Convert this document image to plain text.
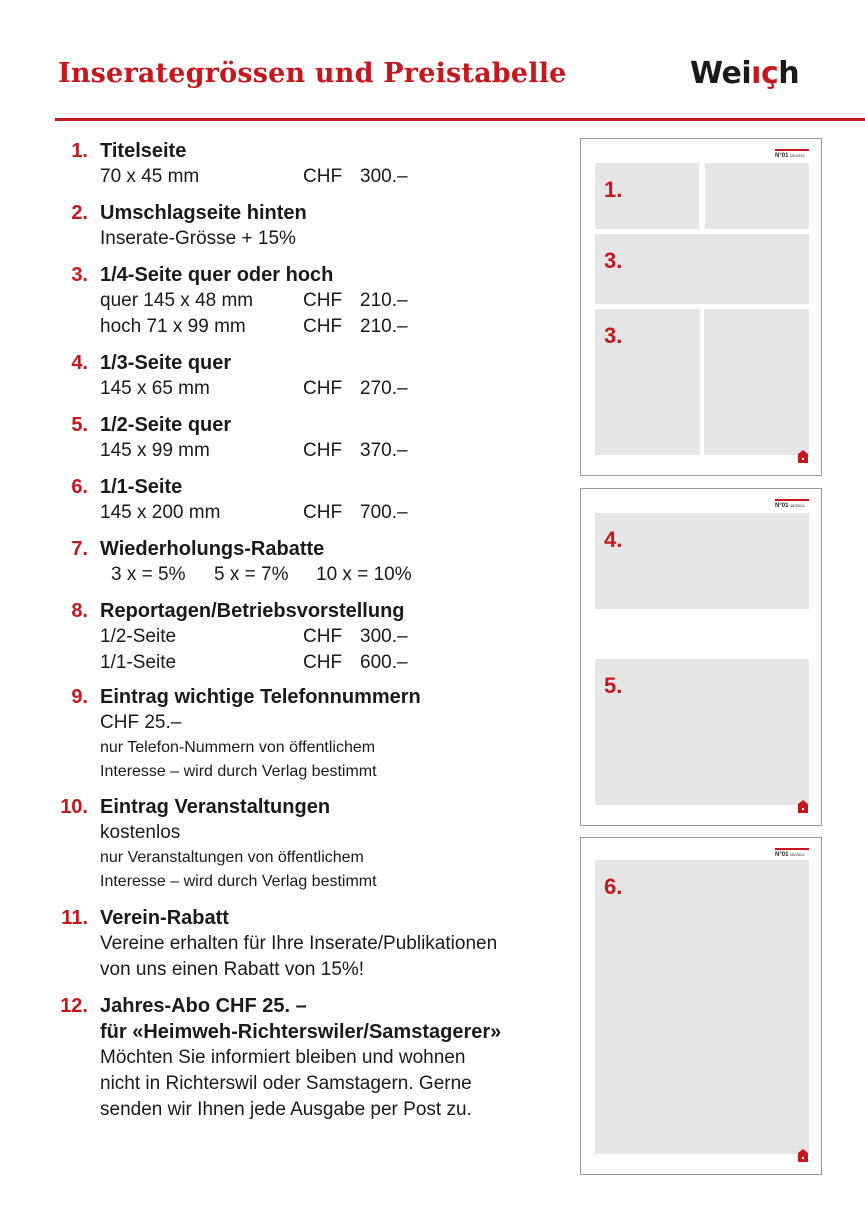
Inserategrössen und Preistabelle	Weiıçh
1. Titelseite
70 x 45 mm	CHF 300.–
2. Umschlagseite hinten
Inserate-Grösse + 15%
3. 1/4-Seite quer oder hoch
quer 145 x 48 mm	CHF 210.–
hoch 71 x 99 mm	CHF 210.–
4. 1/3-Seite quer
145 x 65 mm	CHF 270.–
5. 1/2-Seite quer
145 x 99 mm	CHF 370.–
6. 1/1-Seite
145 x 200 mm	CHF 700.–
7. Wiederholungs-Rabatte
3 x = 5% 5 x = 7% 10 x = 10%
8. Reportagen/Betriebsvorstellung
1/2-Seite	CHF 300.–
1/1-Seite	CHF 600.–
9. Eintrag wichtige Telefonnummern
CHF 25.–
nur Telefon-Nummern von öffentlichem
Interesse – wird durch Verlag bestimmt
10. Eintrag Veranstaltungen
kostenlos
nur Veranstaltungen von öffentlichem
Interesse – wird durch Verlag bestimmt
11. Verein-Rabatt
Vereine erhalten für Ihre Inserate/Publikationen
von uns einen Rabatt von 15%!
12. Jahres-Abo CHF 25. –
für «Heimweh-Richterswiler/Samstagerer»
Möchten Sie informiert bleiben und wohnen
nicht in Richterswil oder Samstagern. Gerne
senden wir Ihnen jede Ausgabe per Post zu.
N°01 05/2024
1.
3.
3.
N°01 05/2024
4.
5.
N°01 05/2024
6.
